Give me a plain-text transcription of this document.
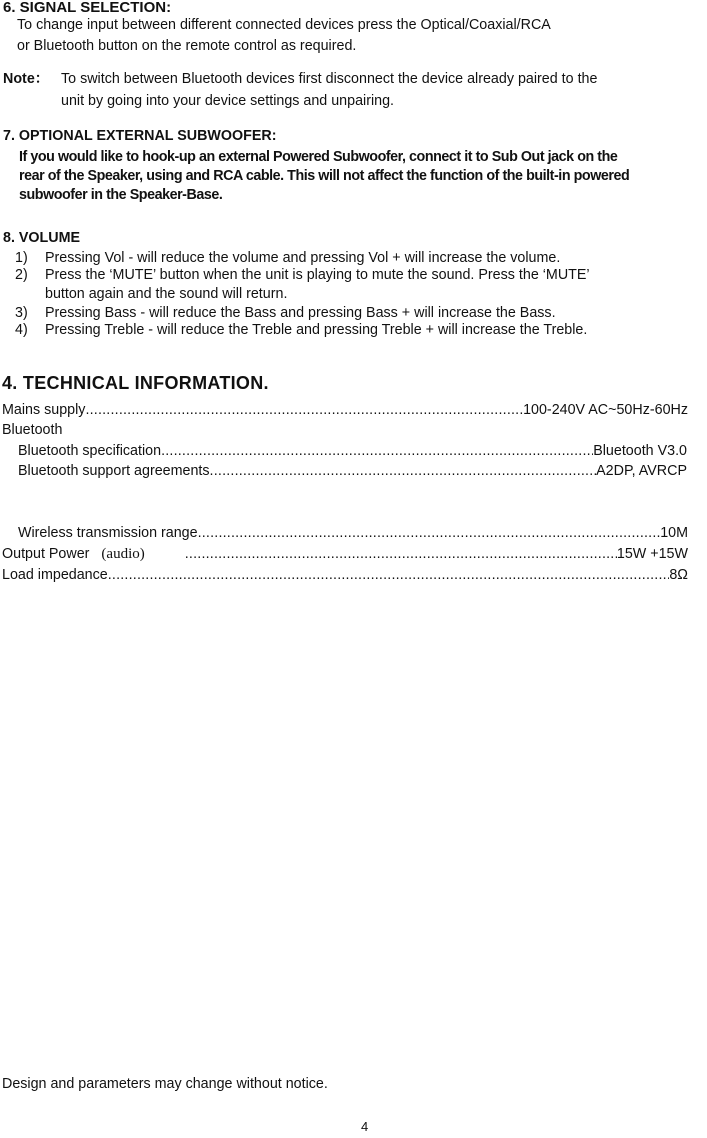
6. SIGNAL SELECTION:
To change input between different connected devices press the Optical/Coaxial/RCA
or Bluetooth button on the remote control as required.
Note： To switch between Bluetooth devices first disconnect the device already paired to the
unit by going into your device settings and unpairing.
7. OPTIONAL EXTERNAL SUBWOOFER:
If you would like to hook-up an external Powered Subwoofer, connect it to Sub Out jack on the
rear of the Speaker, using and RCA cable. This will not affect the function of the built-in powered
subwoofer in the Speaker-Base.
8. VOLUME
1) Pressing Vol - will reduce the volume and pressing Vol + will increase the volume.
2) Press the ‘MUTE’ button when the unit is playing to mute the sound. Press the ‘MUTE’
button again and the sound will return.
3) Pressing Bass - will reduce the Bass and pressing Bass + will increase the Bass.
4) Pressing Treble - will reduce the Treble and pressing Treble + will increase the Treble.
4. TECHNICAL INFORMATION.
Mains supply .....	100-240V AC~50Hz-60Hz
Bluetooth
Bluetooth specification .....	Bluetooth V3.0
Bluetooth support agreements .....	A2DP, AVRCP
Wireless transmission range .....	10M
Output Power (audio) .....	15W +15W
Load impedance .....	8Ω
Design and parameters may change without notice.
4
